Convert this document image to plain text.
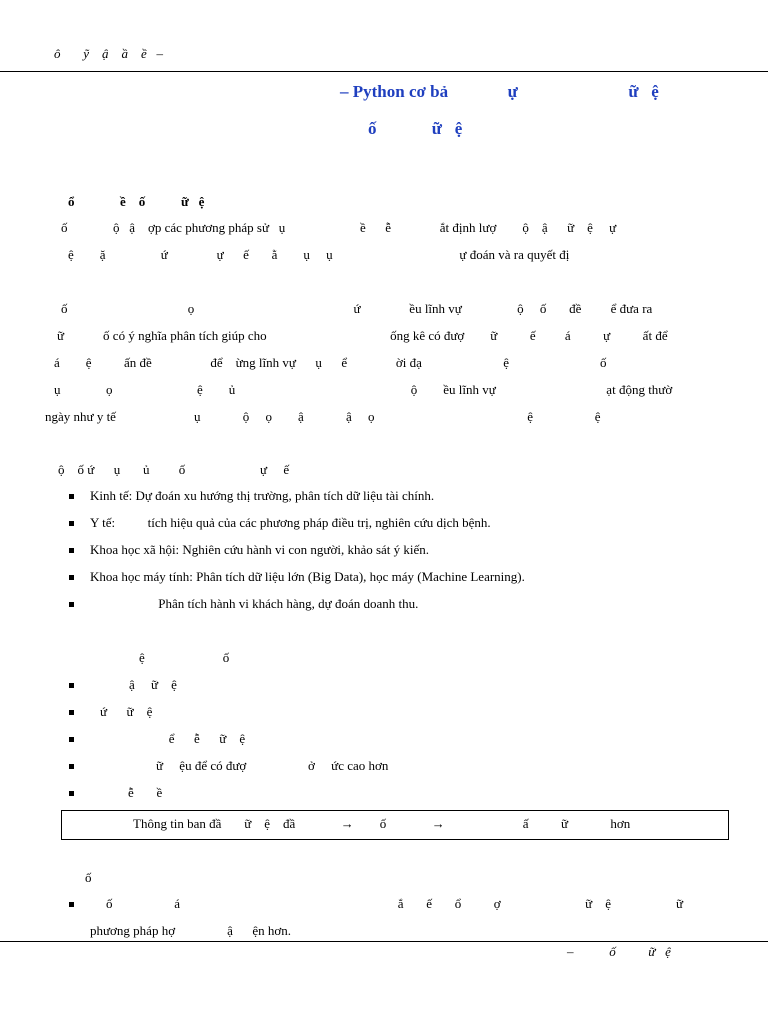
ô       ỹ    ậ    ầ    ề   –
– Python cơ bả              ự                          ữ   ệ
ố             ữ   ệ
ổ              ề    ố           ữ   ệ
ố              ộ   ậ    ợp các phương pháp sử   ụ                       ề      ễ               ắt định lượ        ộ    ậ      ữ    ệ     ự
ệ        ặ                 ứ               ự      ế       ằ        ụ     ụ                                       ự đoán và ra quyết đị
ố                                     ọ                                                 ứ               ều lĩnh vự                 ộ     ố       đề         ể đưa ra
ữ            ố có ý nghĩa phân tích giúp cho                                      ống kê có đượ        ữ          ế         á          ự          ất để
á        ệ          ấn đề                  để    ừng lĩnh vự      ụ      ể               ời đạ                         ệ                            ố
ụ              ọ                          ệ        ủ                                                      ộ        ều lĩnh vự                                  ạt động thườ
ngày như y tế                        ụ             ộ     ọ        ậ             ậ     ọ                                               ệ                   ệ
ộ    ố ứ      ụ       ủ         ố                       ự     ế
Kinh tế: Dự đoán xu hướng thị trường, phân tích dữ liệu tài chính.
Y tế:          tích hiệu quả của các phương pháp điều trị, nghiên cứu dịch bệnh.
Khoa học xã hội: Nghiên cứu hành vi con người, khảo sát ý kiến.
Khoa học máy tính: Phân tích dữ liệu lớn (Big Data), học máy (Machine Learning).
Phân tích hành vi khách hàng, dự đoán doanh thu.
ệ                        ố
ậ     ữ    ệ
ứ      ữ    ệ
ể      ễ      ữ    ệ
ữ     ệu để có đượ                   ở     ức cao hơn
ễ       ề
Thông tin ban đầ       ữ    ệ    đầ              →        ố              →                        ấ          ữ             hơn
ố
ố                   á                                                                   ắ       ế       ổ          ợ                          ữ    ệ                    ữ
phương pháp hợ                ậ      ện hơn.
–           ố          ữ   ệ
